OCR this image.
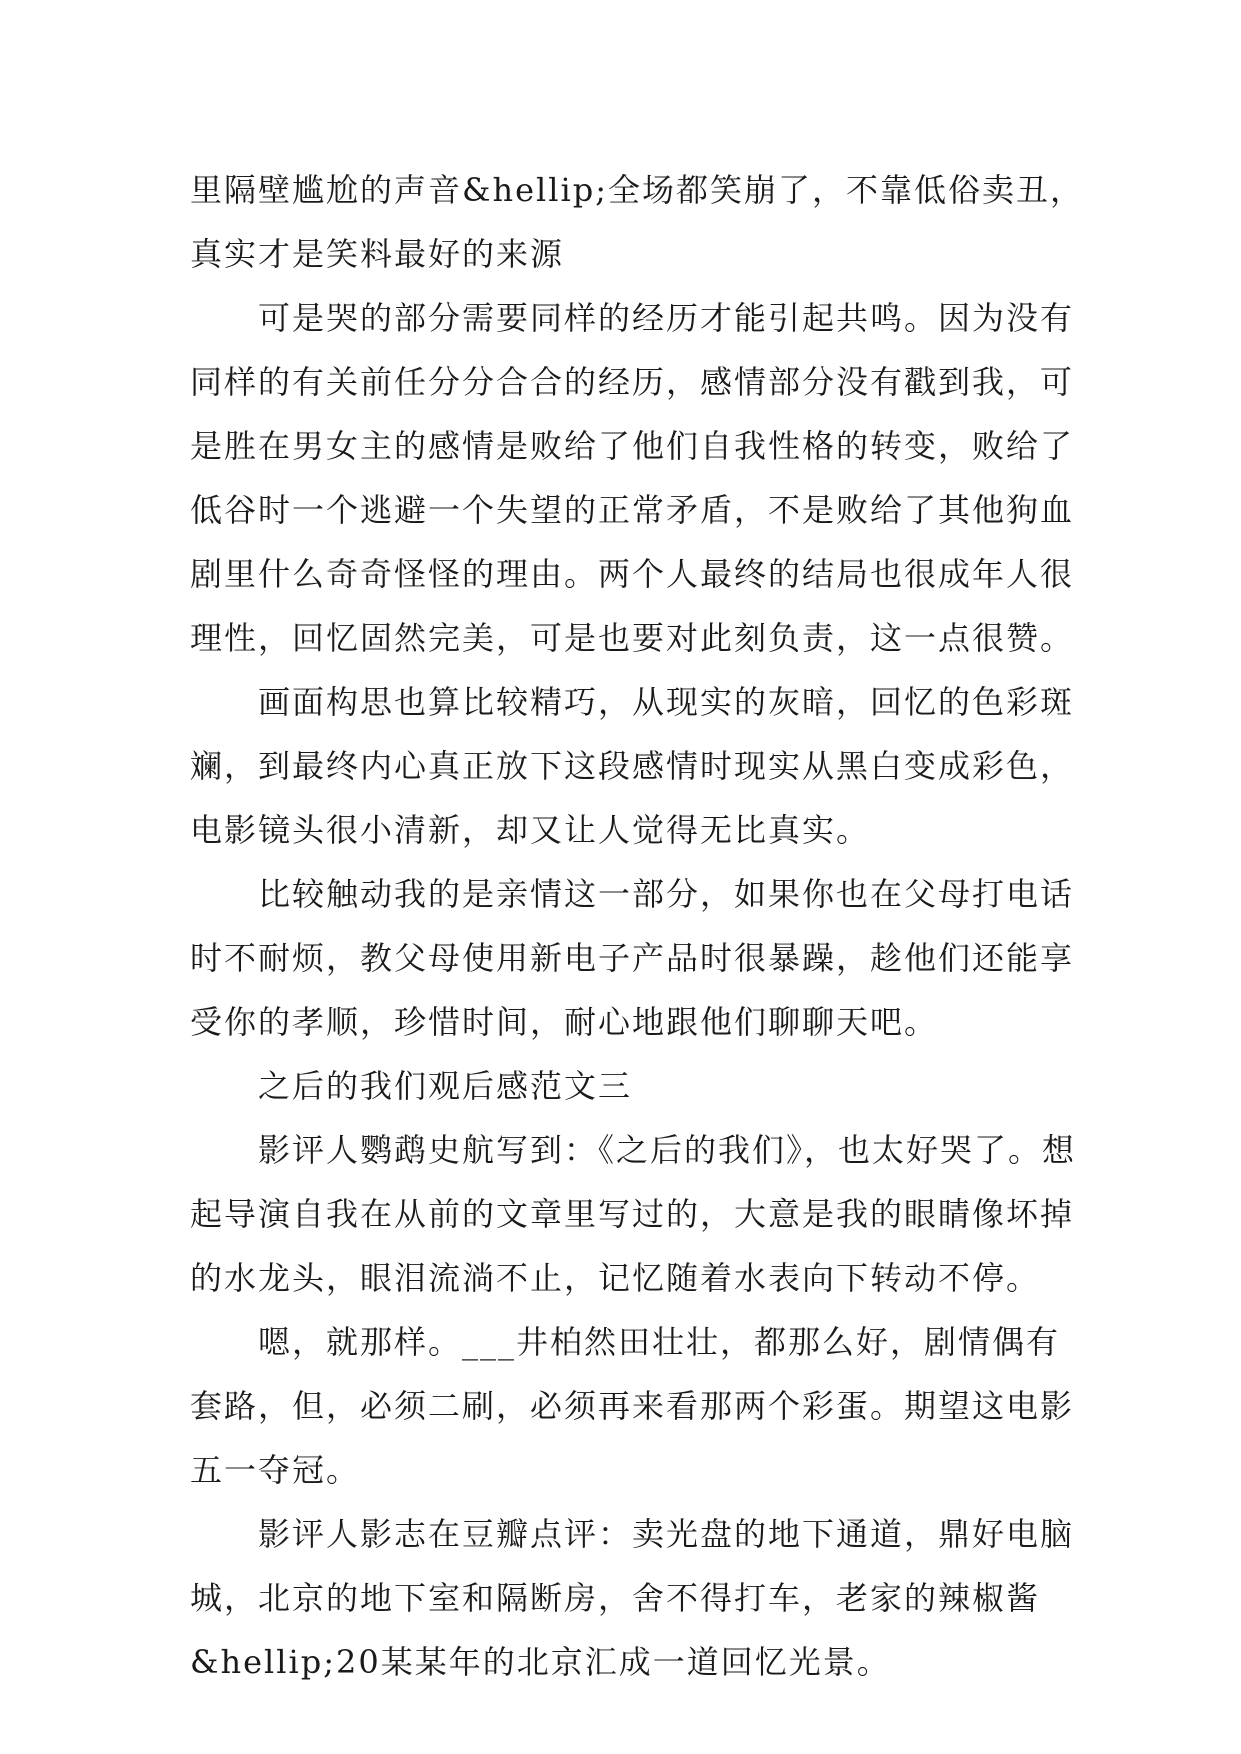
里隔壁尴尬的声音&hellip;全场都笑崩了，不靠低俗卖丑，
真实才是笑料最好的来源
　　可是哭的部分需要同样的经历才能引起共鸣。因为没有
同样的有关前任分分合合的经历，感情部分没有戳到我，可
是胜在男女主的感情是败给了他们自我性格的转变，败给了
低谷时一个逃避一个失望的正常矛盾，不是败给了其他狗血
剧里什么奇奇怪怪的理由。两个人最终的结局也很成年人很
理性，回忆固然完美，可是也要对此刻负责，这一点很赞。
　　画面构思也算比较精巧，从现实的灰暗，回忆的色彩斑
斓，到最终内心真正放下这段感情时现实从黑白变成彩色，
电影镜头很小清新，却又让人觉得无比真实。
　　比较触动我的是亲情这一部分，如果你也在父母打电话
时不耐烦，教父母使用新电子产品时很暴躁，趁他们还能享
受你的孝顺，珍惜时间，耐心地跟他们聊聊天吧。
　　之后的我们观后感范文三
　　影评人鹦鹉史航写到：《之后的我们》，也太好哭了。想
起导演自我在从前的文章里写过的，大意是我的眼睛像坏掉
的水龙头，眼泪流淌不止，记忆随着水表向下转动不停。
　　嗯，就那样。___井柏然田壮壮，都那么好，剧情偶有
套路，但，必须二刷，必须再来看那两个彩蛋。期望这电影
五一夺冠。
　　影评人影志在豆瓣点评：卖光盘的地下通道，鼎好电脑
城，北京的地下室和隔断房，舍不得打车，老家的辣椒酱
&hellip;20某某年的北京汇成一道回忆光景。
